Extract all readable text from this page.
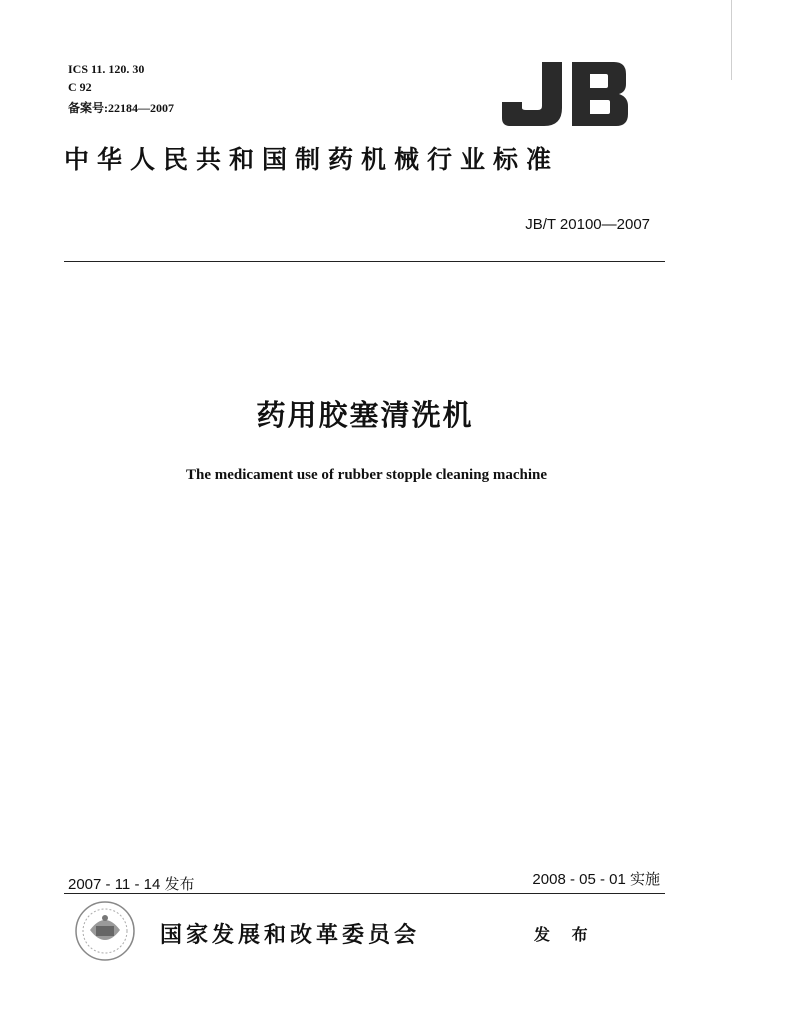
ICS 11. 120. 30
C 92
备案号:22184—2007
中华人民共和国制药机械行业标准
JB/T 20100—2007
药用胶塞清洗机
The medicament use of rubber stopple cleaning machine
2007 - 11 - 14 发布	2008 - 05 - 01 实施
国家发展和改革委员会	发 布
